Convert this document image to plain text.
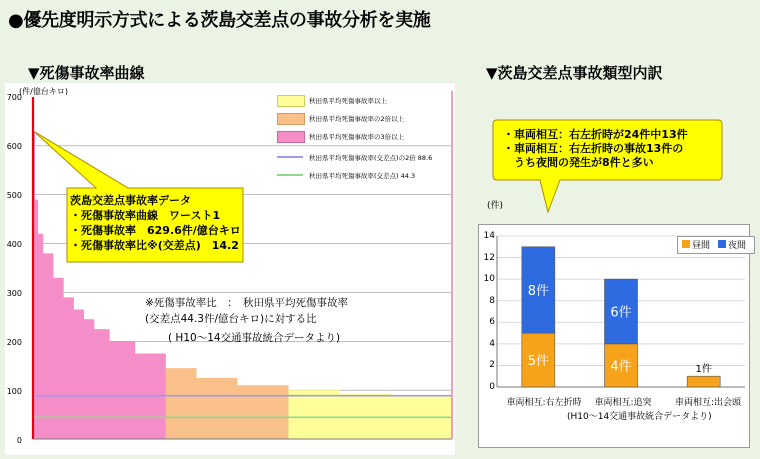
●優先度明示方式による茨島交差点の事故分析を実施
▼死傷事故率曲線	▼茨島交差点事故類型内訳
(件/億台キロ)
700
600
500
400
300
200
100
0
秋田県平均死傷事故率以上
秋田県平均死傷事故率の2倍以上
秋田県平均死傷事故率の3倍以上
秋田県平均死傷事故率(交差点)の2倍 88.6
秋田県平均死傷事故率(交差点) 44.3
茨島交差点事故率データ
・死傷事故率曲線　ワースト1
・死傷事故率　629.6件/億台キロ
・死傷事故率比※(交差点)　14.2
※死傷事故率比　：　秋田県平均死傷事故率
(交差点44.3件/億台キロ)に対する比
( H10～14交通事故統合データより)
・車両相互：右左折時が24件中13件
・車両相互：右左折時の事故13件の
　うち夜間の発生が8件と多い
(件)
14
12
10
8
6
4
2
0
車両相互:右左折時	車両相互:追突	車両相互:出会頭
(H10～14交通事故統合データより)
昼間 夜間
5件
8件
4件
6件
1件
